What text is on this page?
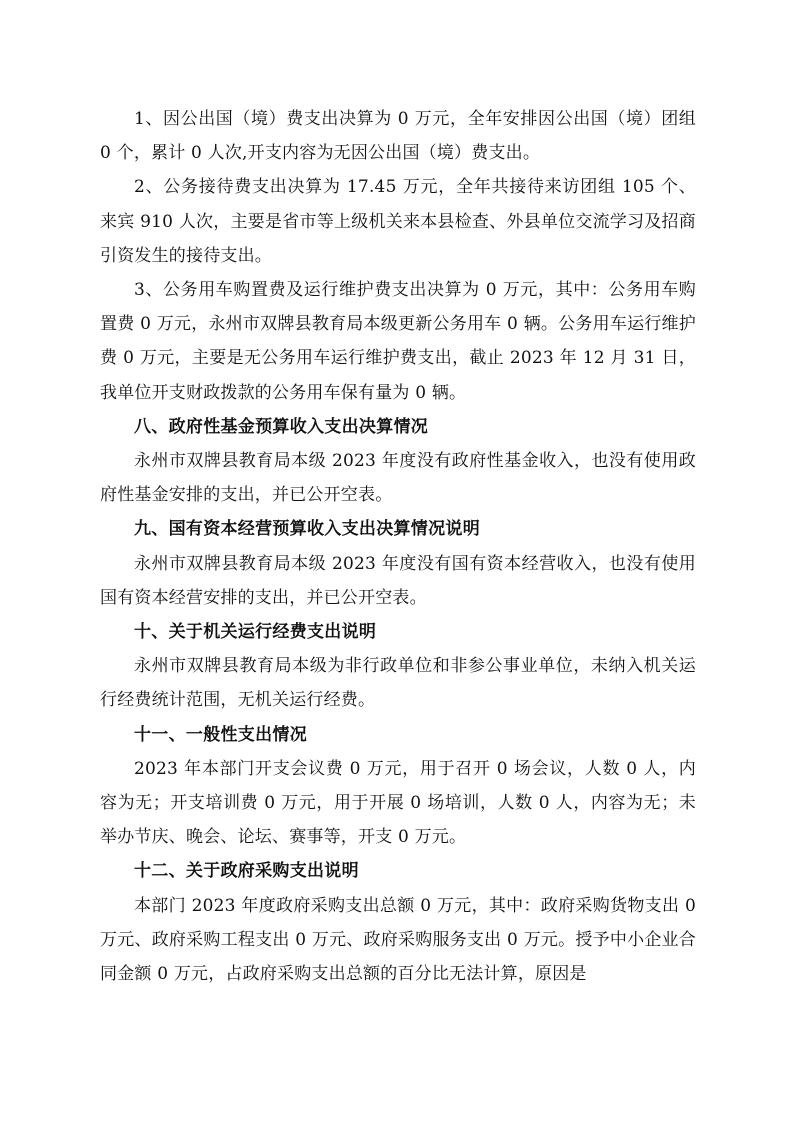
1、因公出国（境）费支出决算为 0 万元，全年安排因公出国（境）团组 0 个，累计 0 人次,开支内容为无因公出国（境）费支出。

2、公务接待费支出决算为 17.45 万元，全年共接待来访团组 105 个、来宾 910 人次，主要是省市等上级机关来本县检查、外县单位交流学习及招商引资发生的接待支出。

3、公务用车购置费及运行维护费支出决算为 0 万元，其中：公务用车购置费 0 万元，永州市双牌县教育局本级更新公务用车 0 辆。公务用车运行维护费 0 万元，主要是无公务用车运行维护费支出，截止 2023 年 12 月 31 日，我单位开支财政拨款的公务用车保有量为 0 辆。

八、政府性基金预算收入支出决算情况

永州市双牌县教育局本级 2023 年度没有政府性基金收入，也没有使用政府性基金安排的支出，并已公开空表。

九、国有资本经营预算收入支出决算情况说明

永州市双牌县教育局本级 2023 年度没有国有资本经营收入，也没有使用国有资本经营安排的支出，并已公开空表。

十、关于机关运行经费支出说明

永州市双牌县教育局本级为非行政单位和非参公事业单位，未纳入机关运行经费统计范围，无机关运行经费。

十一、一般性支出情况

2023 年本部门开支会议费 0 万元，用于召开 0 场会议，人数 0 人，内容为无；开支培训费 0 万元，用于开展 0 场培训，人数 0 人，内容为无；未举办节庆、晚会、论坛、赛事等，开支 0 万元。

十二、关于政府采购支出说明

本部门 2023 年度政府采购支出总额 0 万元，其中：政府采购货物支出 0 万元、政府采购工程支出 0 万元、政府采购服务支出 0 万元。授予中小企业合同金额 0 万元，占政府采购支出总额的百分比无法计算，原因是
